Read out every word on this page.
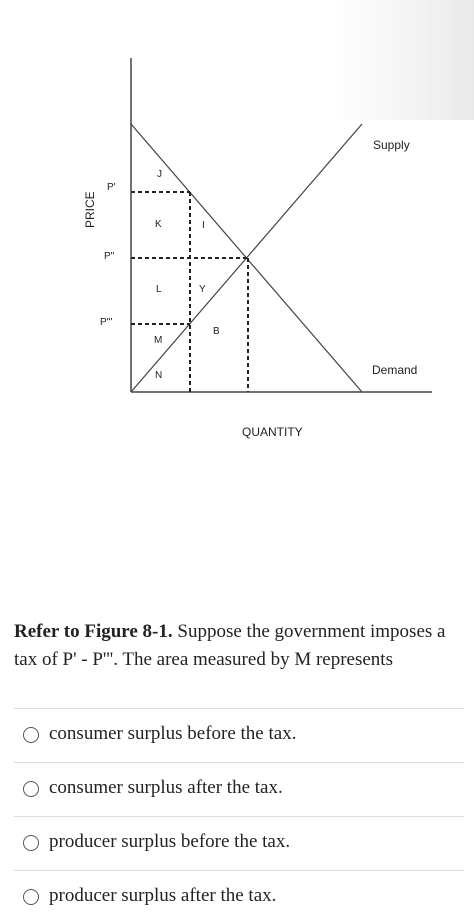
Supply
Demand
PRICE
QUANTITY
P'
P"
P'''
J
K	I
L	Y
M
B
N

Refer to Figure 8-1. Suppose the government imposes a tax of P' - P'''. The area measured by M represents

consumer surplus before the tax.
consumer surplus after the tax.
producer surplus before the tax.
producer surplus after the tax.
